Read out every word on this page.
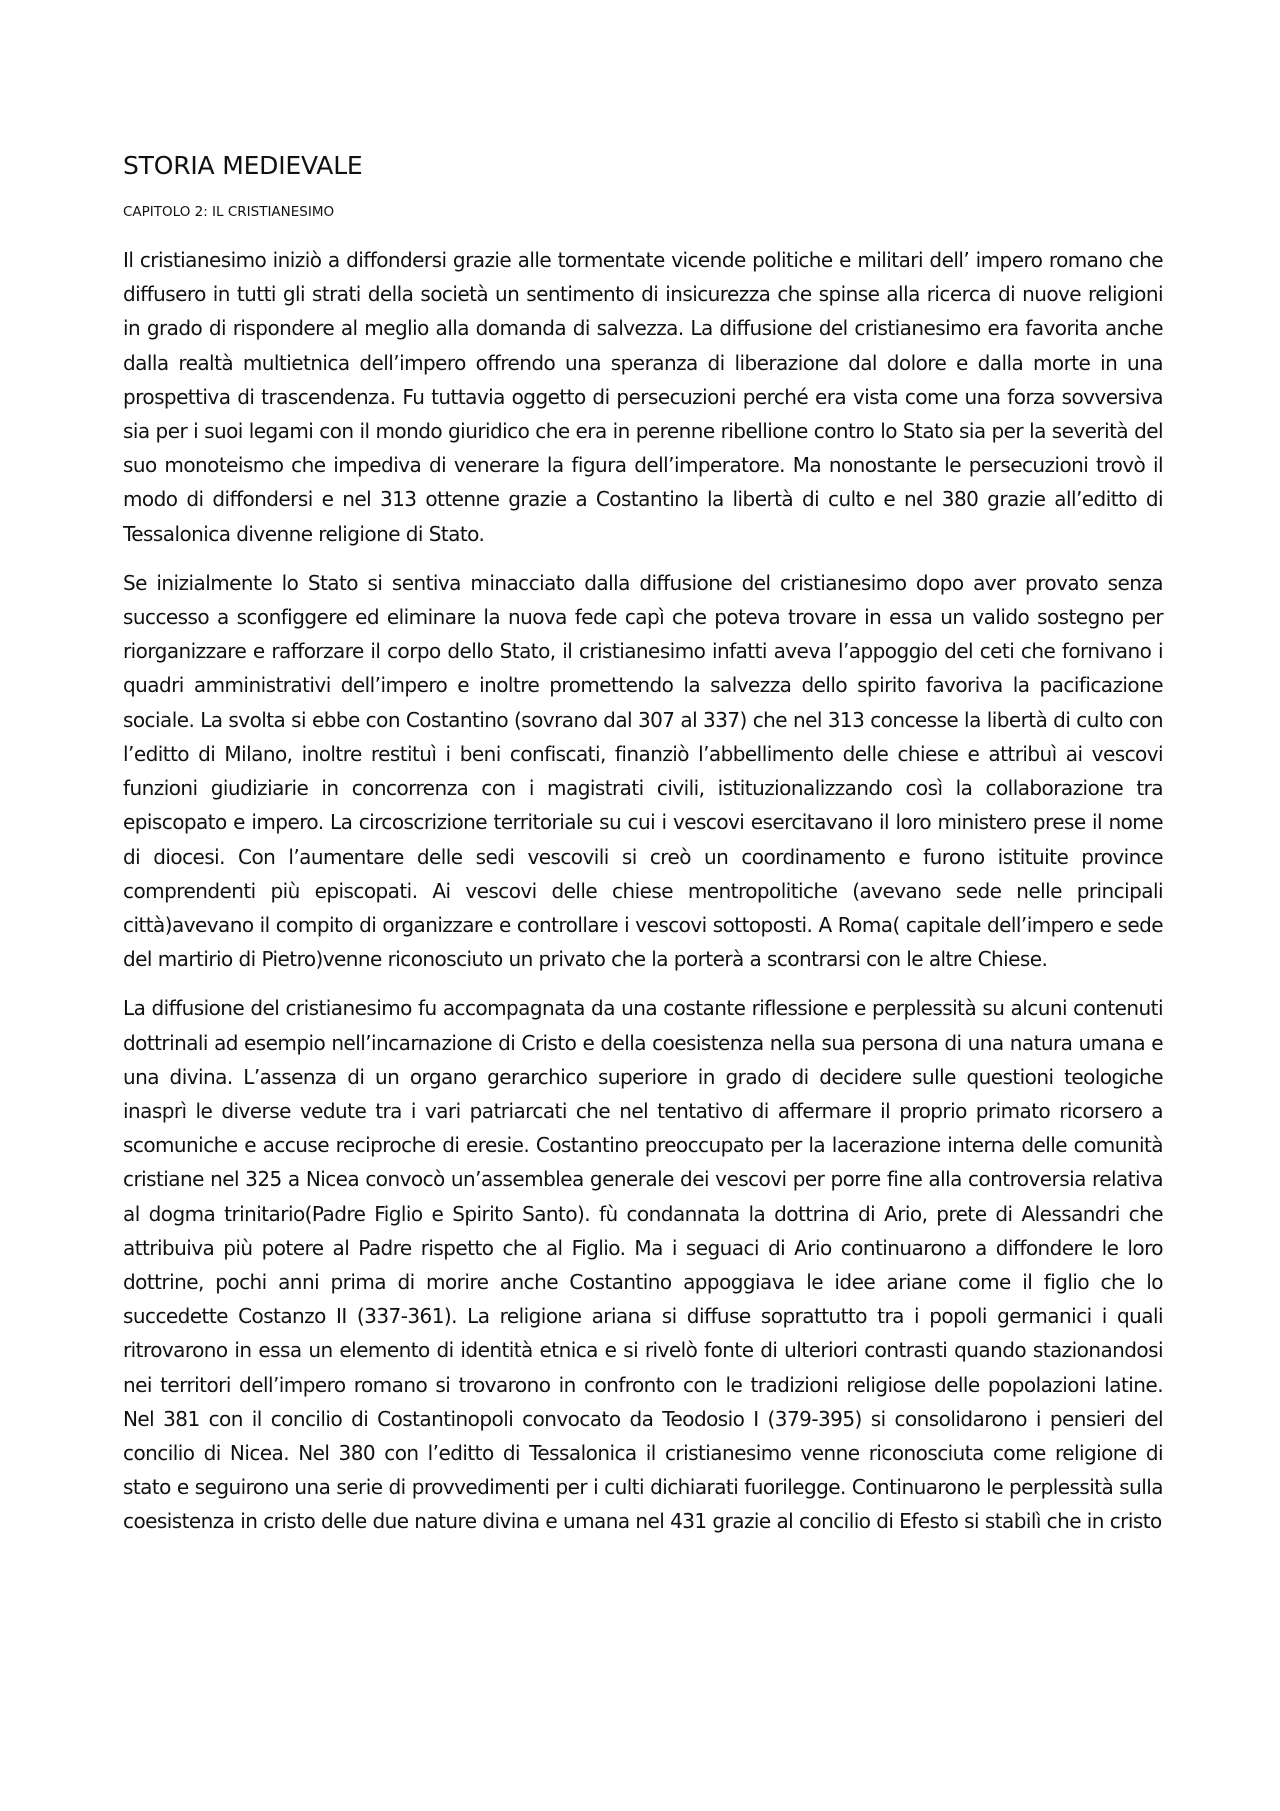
STORIA MEDIEVALE
CAPITOLO 2: IL CRISTIANESIMO

Il cristianesimo iniziò a diffondersi grazie alle tormentate vicende politiche e militari dell’ impero romano che diffusero in tutti gli strati della società un sentimento di insicurezza che spinse alla ricerca di nuove religioni in grado di rispondere al meglio alla domanda di salvezza. La diffusione del cristianesimo era favorita anche dalla realtà multietnica dell’impero offrendo una speranza di liberazione dal dolore e dalla morte in una prospettiva di trascendenza. Fu tuttavia oggetto di persecuzioni perché era vista come una forza sovversiva sia per i suoi legami con il mondo giuridico che era in perenne ribellione contro lo Stato sia per la severità del suo monoteismo che impediva di venerare la figura dell’imperatore. Ma nonostante le persecuzioni trovò il modo di diffondersi e nel 313 ottenne grazie a Costantino la libertà di culto e nel 380 grazie all’editto di Tessalonica divenne religione di Stato.

Se inizialmente lo Stato si sentiva minacciato dalla diffusione del cristianesimo dopo aver provato senza successo a sconfiggere ed eliminare la nuova fede capì che poteva trovare in essa un valido sostegno per riorganizzare e rafforzare il corpo dello Stato, il cristianesimo infatti aveva l’appoggio del ceti che fornivano i quadri amministrativi dell’impero e inoltre promettendo la salvezza dello spirito favoriva la pacificazione sociale. La svolta si ebbe con Costantino (sovrano dal 307 al 337) che nel 313 concesse la libertà di culto con l’editto di Milano, inoltre restituì i beni confiscati, finanziò l’abbellimento delle chiese e attribuì ai vescovi funzioni giudiziarie in concorrenza con i magistrati civili, istituzionalizzando così la collaborazione tra episcopato e impero. La circoscrizione territoriale su cui i vescovi esercitavano il loro ministero prese il nome di diocesi. Con l’aumentare delle sedi vescovili si creò un coordinamento e furono istituite province comprendenti più episcopati. Ai vescovi delle chiese mentropolitiche (avevano sede nelle principali città)avevano il compito di organizzare e controllare i vescovi sottoposti. A Roma( capitale dell’impero e sede del martirio di Pietro)venne riconosciuto un privato che la porterà a scontrarsi con le altre Chiese.

La diffusione del cristianesimo fu accompagnata da una costante riflessione e perplessità su alcuni contenuti dottrinali ad esempio nell’incarnazione di Cristo e della coesistenza nella sua persona di una natura umana e una divina. L’assenza di un organo gerarchico superiore in grado di decidere sulle questioni teologiche inasprì le diverse vedute tra i vari patriarcati che nel tentativo di affermare il proprio primato ricorsero a scomuniche e accuse reciproche di eresie. Costantino preoccupato per la lacerazione interna delle comunità cristiane nel 325 a Nicea convocò un’assemblea generale dei vescovi per porre fine alla controversia relativa al dogma trinitario(Padre Figlio e Spirito Santo). fù condannata la dottrina di Ario, prete di Alessandri che attribuiva più potere al Padre rispetto che al Figlio. Ma i seguaci di Ario continuarono a diffondere le loro dottrine, pochi anni prima di morire anche Costantino appoggiava le idee ariane come il figlio che lo succedette Costanzo II (337-361). La religione ariana si diffuse soprattutto tra i popoli germanici i quali ritrovarono in essa un elemento di identità etnica e si rivelò fonte di ulteriori contrasti quando stazionandosi nei territori dell’impero romano si trovarono in confronto con le tradizioni religiose delle popolazioni latine. Nel 381 con il concilio di Costantinopoli convocato da Teodosio I (379-395) si consolidarono i pensieri del concilio di Nicea. Nel 380 con l’editto di Tessalonica il cristianesimo venne riconosciuta come religione di stato e seguirono una serie di provvedimenti per i culti dichiarati fuorilegge. Continuarono le perplessità sulla coesistenza in cristo delle due nature divina e umana nel 431 grazie al concilio di Efesto si stabilì che in cristo
